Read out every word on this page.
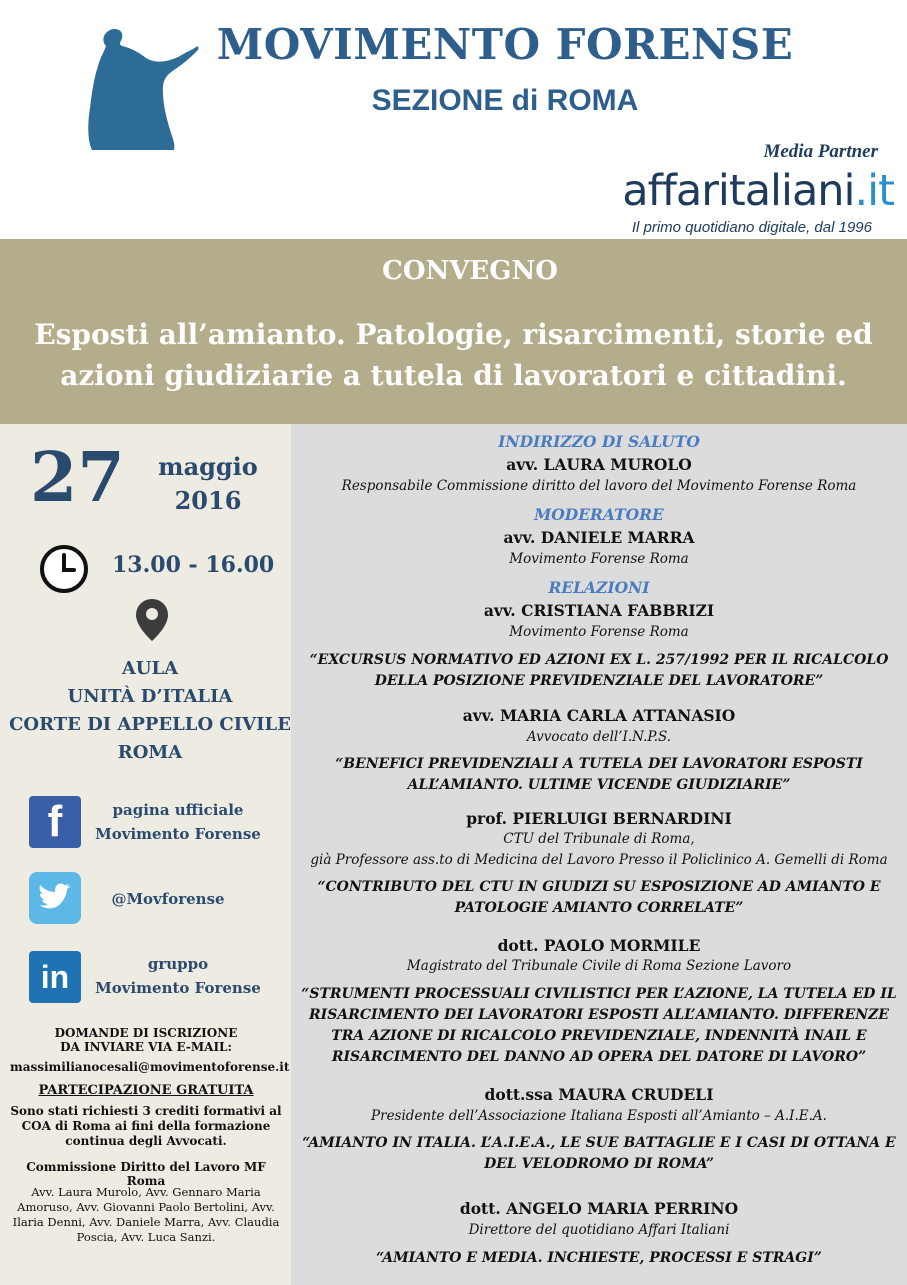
MOVIMENTO FORENSE
SEZIONE di ROMA
Media Partner
affaritaliani.it
Il primo quotidiano digitale, dal 1996
CONVEGNO
Esposti all’amianto. Patologie, risarcimenti, storie ed
azioni giudiziarie a tutela di lavoratori e cittadini.
27	maggio
2016
13.00 - 16.00
AULA
UNITÀ D’ITALIA
CORTE DI APPELLO CIVILE
ROMA
f	pagina ufficiale
Movimento Forense
@Movforense
in	gruppo
Movimento Forense
DOMANDE DI ISCRIZIONE
DA INVIARE VIA E-MAIL:
massimilianocesali@movimentoforense.it
PARTECIPAZIONE GRATUITA
Sono stati richiesti 3 crediti formativi al
COA di Roma ai fini della formazione
continua degli Avvocati.
Commissione Diritto del Lavoro MF Roma
Avv. Laura Murolo, Avv. Gennaro Maria
Amoruso, Avv. Giovanni Paolo Bertolini, Avv.
Ilaria Denni, Avv. Daniele Marra, Avv. Claudia
Poscia, Avv. Luca Sanzi.
INDIRIZZO DI SALUTO
avv. LAURA MUROLO
Responsabile Commissione diritto del lavoro del Movimento Forense Roma
MODERATORE
avv. DANIELE MARRA
Movimento Forense Roma
RELAZIONI
avv. CRISTIANA FABBRIZI
Movimento Forense Roma
“EXCURSUS NORMATIVO ED AZIONI EX L. 257/1992 PER IL RICALCOLO
DELLA POSIZIONE PREVIDENZIALE DEL LAVORATORE”
avv. MARIA CARLA ATTANASIO
Avvocato dell’I.N.P.S.
“BENEFICI PREVIDENZIALI A TUTELA DEI LAVORATORI ESPOSTI
ALL’AMIANTO. ULTIME VICENDE GIUDIZIARIE”
prof. PIERLUIGI BERNARDINI
CTU del Tribunale di Roma,
già Professore ass.to di Medicina del Lavoro Presso il Policlinico A. Gemelli di Roma
“CONTRIBUTO DEL CTU IN GIUDIZI SU ESPOSIZIONE AD AMIANTO E
PATOLOGIE AMIANTO CORRELATE”
dott. PAOLO MORMILE
Magistrato del Tribunale Civile di Roma Sezione Lavoro
“STRUMENTI PROCESSUALI CIVILISTICI PER L’AZIONE, LA TUTELA ED IL
RISARCIMENTO DEI LAVORATORI ESPOSTI ALL’AMIANTO. DIFFERENZE
TRA AZIONE DI RICALCOLO PREVIDENZIALE, INDENNITÀ INAIL E
RISARCIMENTO DEL DANNO AD OPERA DEL DATORE DI LAVORO”
dott.ssa MAURA CRUDELI
Presidente dell’Associazione Italiana Esposti all’Amianto – A.I.E.A.
“AMIANTO IN ITALIA. L’A.I.E.A., LE SUE BATTAGLIE E I CASI DI OTTANA E
DEL VELODROMO DI ROMA”
dott. ANGELO MARIA PERRINO
Direttore del quotidiano Affari Italiani
“AMIANTO E MEDIA. INCHIESTE, PROCESSI E STRAGI”
